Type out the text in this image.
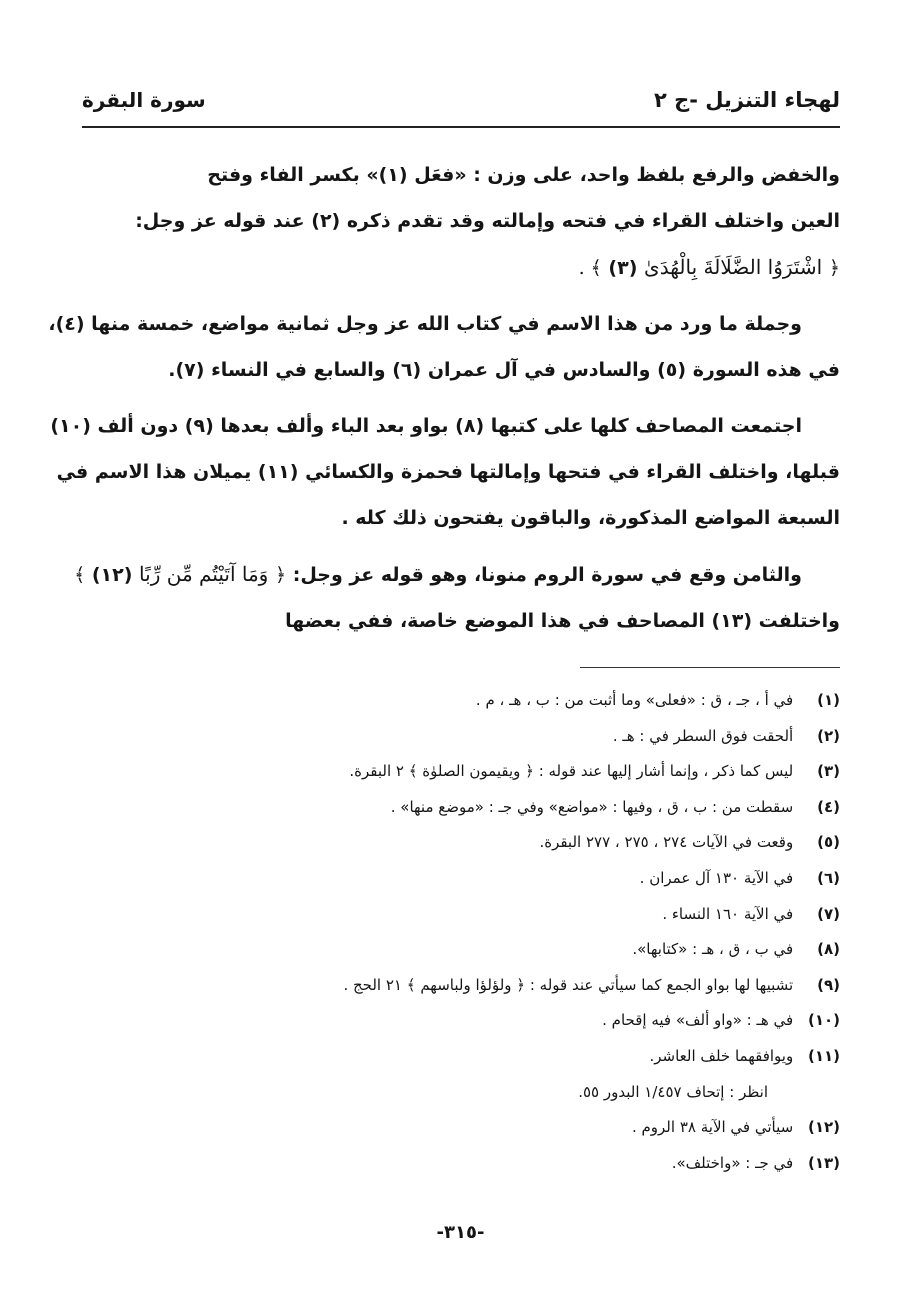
لهجاء التنزيل -ج ٢
سورة البقرة

والخفض والرفع بلفظ واحد، على وزن : «فعَل (١)» بكسر الفاء وفتح
العين واختلف القراء في فتحه وإمالته وقد تقدم ذكره (٢) عند قوله عز وجل:
﴿ اشْتَرَوُا الضَّلَالَةَ بِالْهُدَىٰ (٣) ﴾ .

وجملة ما ورد من هذا الاسم في كتاب الله عز وجل ثمانية مواضع، خمسة منها (٤)،
في هذه السورة (٥) والسادس في آل عمران (٦) والسابع في النساء (٧).

اجتمعت المصاحف كلها على كتبها (٨) بواو بعد الباء وألف بعدها (٩) دون ألف (١٠)
قبلها، واختلف القراء في فتحها وإمالتها فحمزة والكسائي (١١) يميلان هذا الاسم في
السبعة المواضع المذكورة، والباقون يفتحون ذلك كله .

والثامن وقع في سورة الروم منونا، وهو قوله عز وجل: ﴿ وَمَا آتَيْتُم مِّن رِّبًا (١٢) ﴾
واختلفت (١٣) المصاحف في هذا الموضع خاصة، ففي بعضها

(١) في أ ، جـ ، ق : «فعلى» وما أثبت من : ب ، هـ ، م .
(٢) ألحقت فوق السطر في : هـ .
(٣) ليس كما ذكر ، وإنما أشار إليها عند قوله : ﴿ ويقيمون الصلوٰة ﴾ ٢ البقرة.
(٤) سقطت من : ب ، ق ، وفيها : «مواضع» وفي جـ : «موضع منها» .
(٥) وقعت في الآيات ٢٧٤ ، ٢٧٥ ، ٢٧٧ البقرة.
(٦) في الآية ١٣٠ آل عمران .
(٧) في الآية ١٦٠ النساء .
(٨) في ب ، ق ، هـ : «كتابها».
(٩) تشبيها لها بواو الجمع كما سيأتي عند قوله : ﴿ ولؤلؤا ولباسهم ﴾ ٢١ الحج .
(١٠) في هـ : «واو ألف» فيه إقحام .
(١١) ويوافقهما خلف العاشر.
انظر : إتحاف ١/٤٥٧ البدور ٥٥.
(١٢) سيأتي في الآية ٣٨ الروم .
(١٣) في جـ : «واختلف».
-٣١٥-
